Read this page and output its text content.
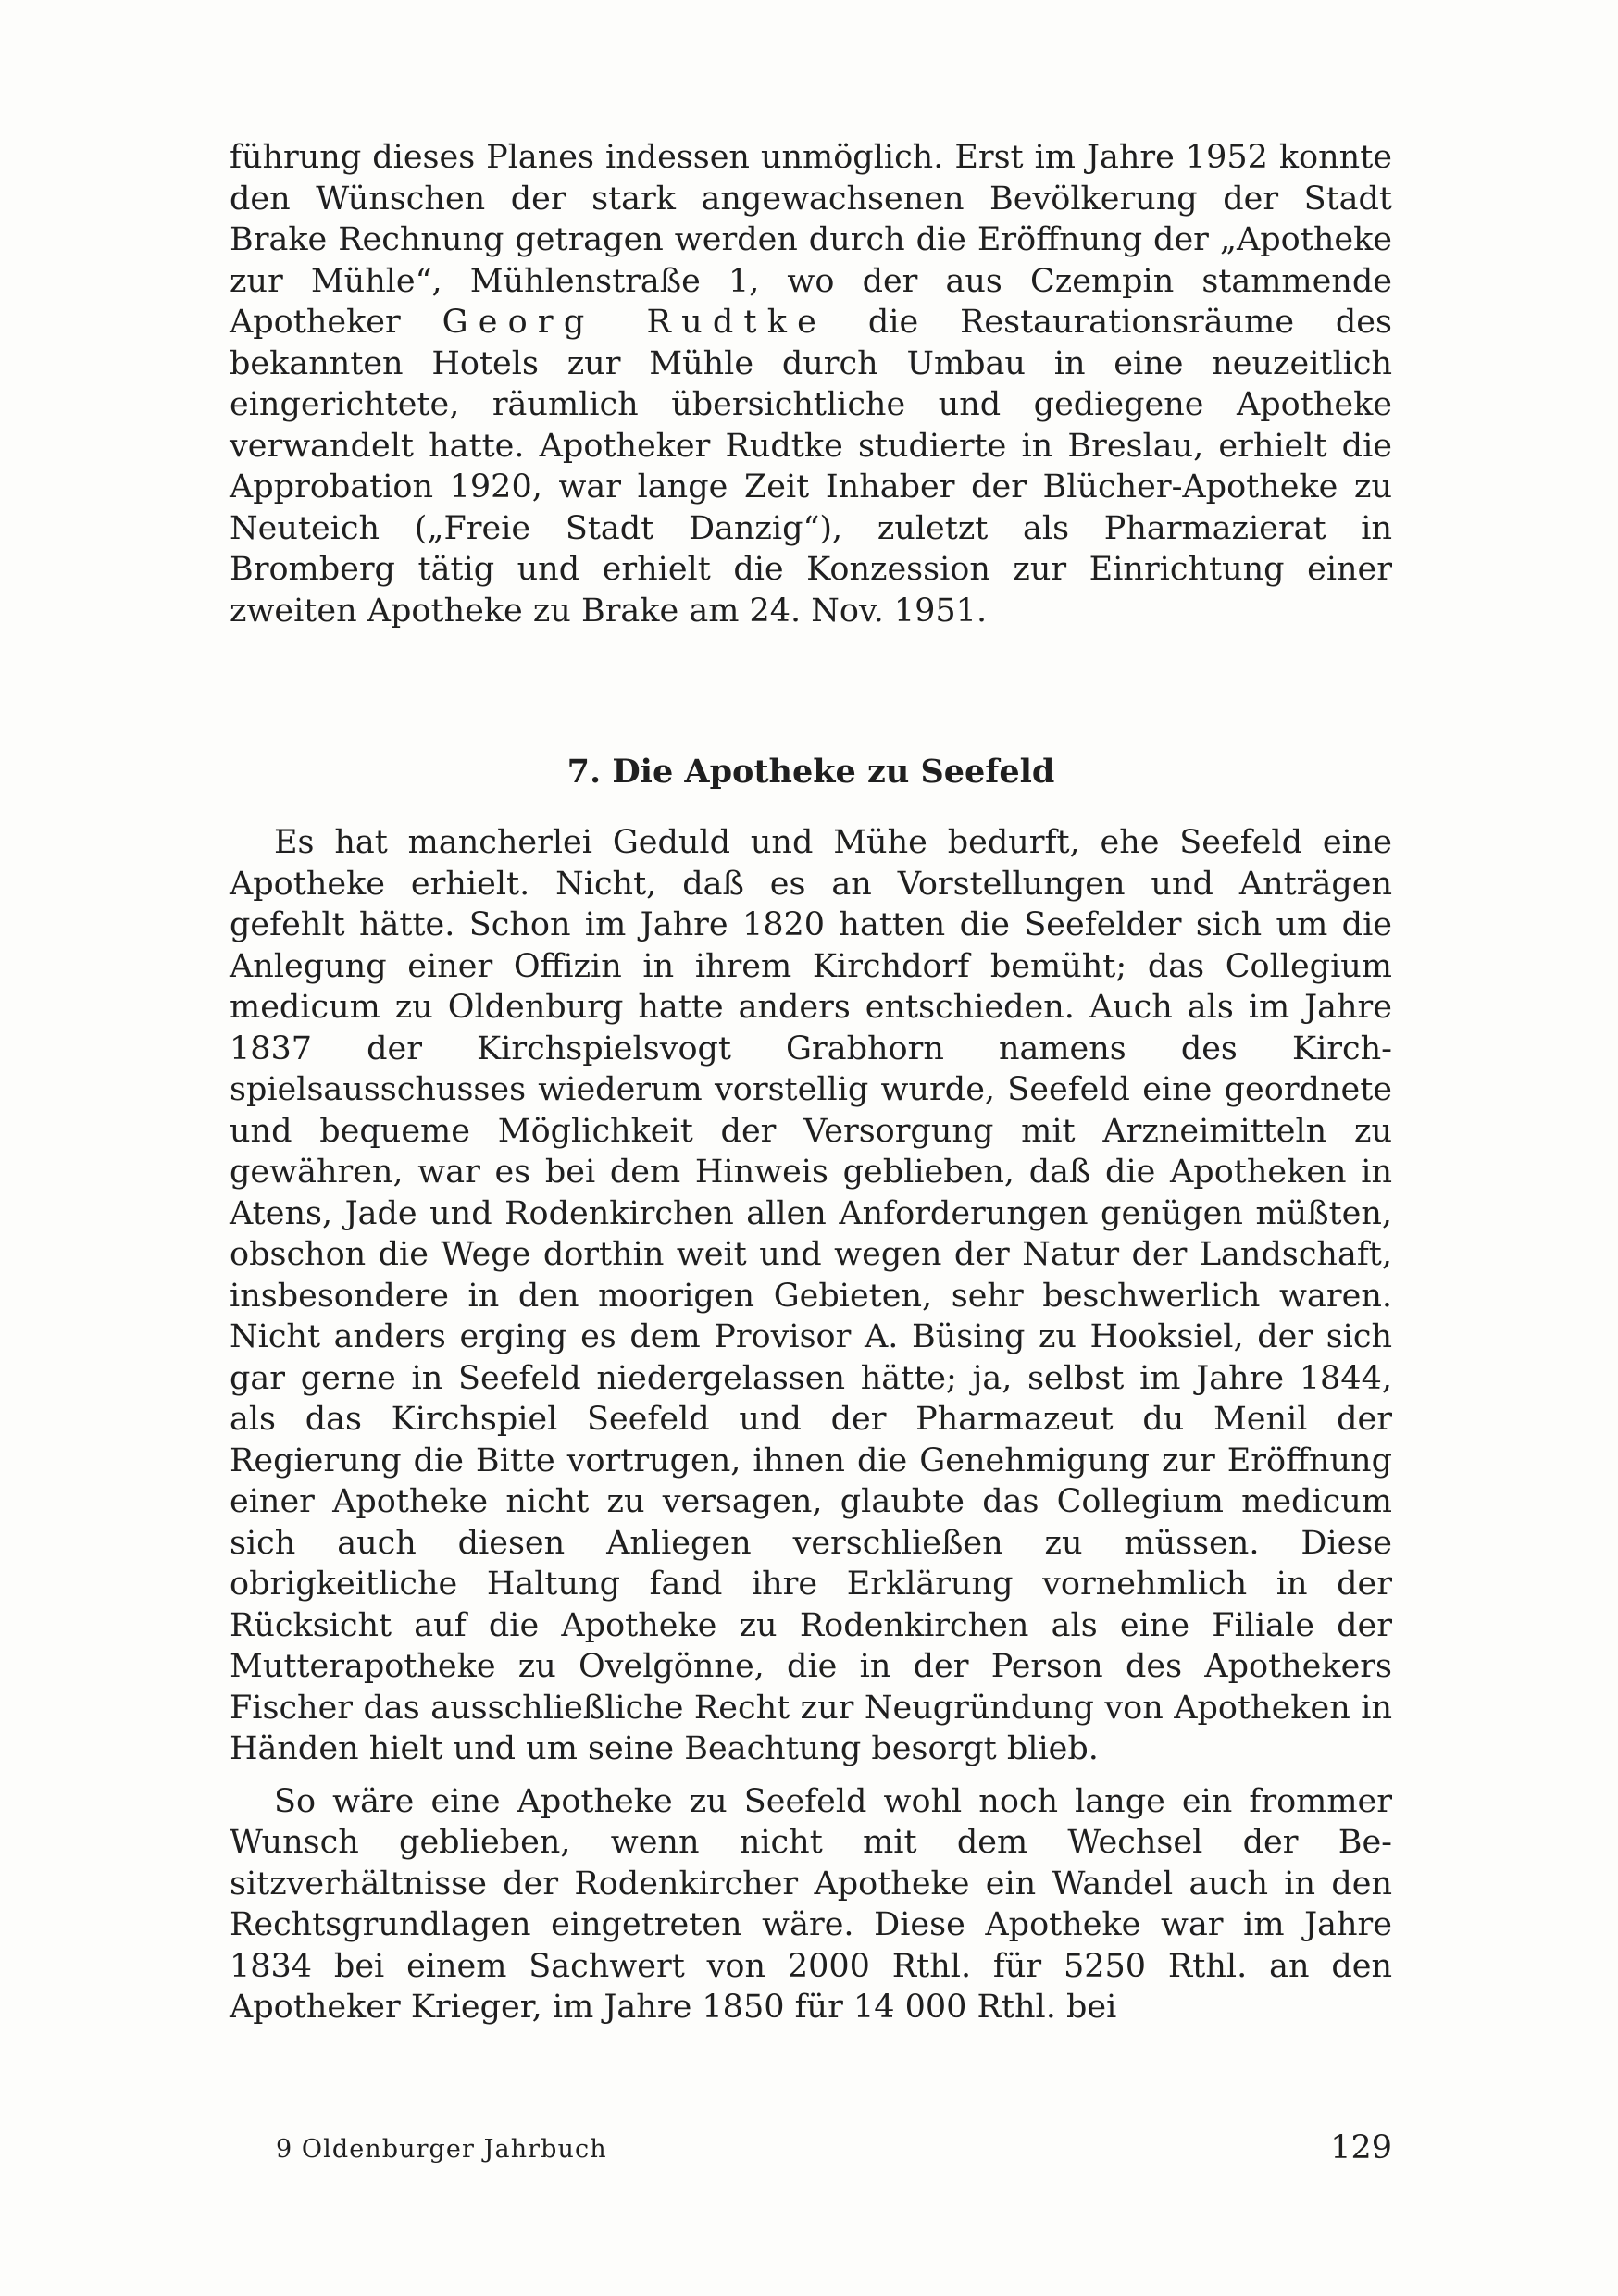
führung dieses Planes indessen unmöglich. Erst im Jahre 1952 konnte den Wünschen der stark angewachsenen Bevölkerung der Stadt Brake Rechnung getragen werden durch die Eröffnung der „Apotheke zur Mühle“, Mühlenstraße 1, wo der aus Czempin stammende Apotheker Georg Rudtke die Restaurationsräume des bekannten Hotels zur Mühle durch Umbau in eine neuzeitlich eingerichtete, räumlich übersichtliche und gediegene Apotheke verwandelt hatte. Apotheker Rudtke studierte in Breslau, erhielt die Approbation 1920, war lange Zeit Inhaber der Blücher-Apotheke zu Neuteich („Freie Stadt Danzig“), zuletzt als Pharmazierat in Bromberg tätig und erhielt die Konzession zur Einrichtung einer zweiten Apotheke zu Brake am 24. Nov. 1951.

7. Die Apotheke zu Seefeld

Es hat mancherlei Geduld und Mühe bedurft, ehe Seefeld eine Apotheke erhielt. Nicht, daß es an Vorstellungen und Anträgen gefehlt hätte. Schon im Jahre 1820 hatten die Seefelder sich um die Anlegung einer Offizin in ihrem Kirchdorf bemüht; das Collegium medicum zu Oldenburg hatte anders entschieden. Auch als im Jahre 1837 der Kirchspielsvogt Grabhorn namens des Kirchspielsausschusses wiederum vorstellig wurde, Seefeld eine geordnete und bequeme Möglichkeit der Versorgung mit Arzneimitteln zu gewähren, war es bei dem Hinweis geblieben, daß die Apotheken in Atens, Jade und Rodenkirchen allen Anforderungen genügen müßten, obschon die Wege dorthin weit und wegen der Natur der Landschaft, insbesondere in den moorigen Gebieten, sehr beschwerlich waren. Nicht anders erging es dem Provisor A. Büsing zu Hooksiel, der sich gar gerne in Seefeld niedergelassen hätte; ja, selbst im Jahre 1844, als das Kirchspiel Seefeld und der Pharmazeut du Menil der Regierung die Bitte vortrugen, ihnen die Genehmigung zur Eröffnung einer Apotheke nicht zu versagen, glaubte das Collegium medicum sich auch diesen Anliegen verschließen zu müssen. Diese obrigkeitliche Haltung fand ihre Erklärung vornehmlich in der Rücksicht auf die Apotheke zu Rodenkirchen als eine Filiale der Mutterapotheke zu Ovelgönne, die in der Person des Apothekers Fischer das ausschließliche Recht zur Neugründung von Apotheken in Händen hielt und um seine Beachtung besorgt blieb.

So wäre eine Apotheke zu Seefeld wohl noch lange ein frommer Wunsch geblieben, wenn nicht mit dem Wechsel der Besitzverhältnisse der Rodenkircher Apotheke ein Wandel auch in den Rechtsgrundlagen eingetreten wäre. Diese Apotheke war im Jahre 1834 bei einem Sachwert von 2000 Rthl. für 5250 Rthl. an den Apotheker Krieger, im Jahre 1850 für 14 000 Rthl. bei

9 Oldenburger Jahrbuch	129
